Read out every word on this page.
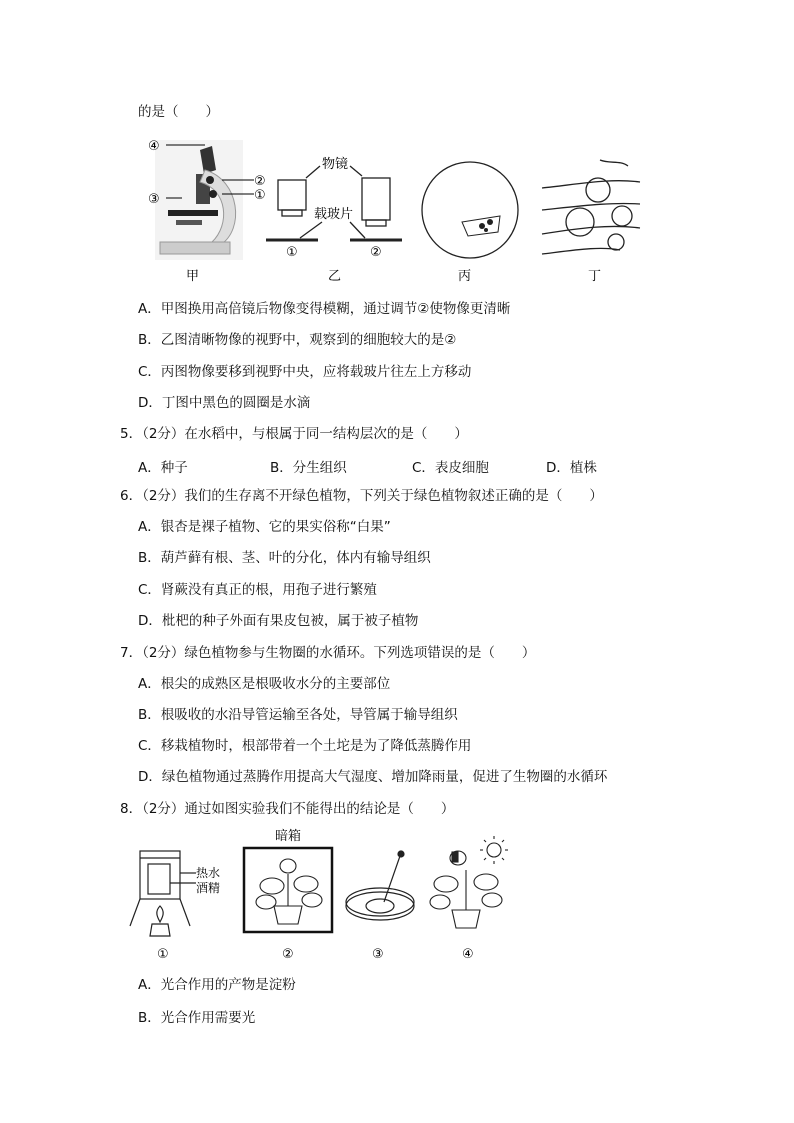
的是（　　）
④
③
②
①
物镜
载玻片
①	②
甲	乙	丙	丁
A．甲图换用高倍镜后物像变得模糊，通过调节②使物像更清晰
B．乙图清晰物像的视野中，观察到的细胞较大的是②
C．丙图物像要移到视野中央，应将载玻片往左上方移动
D．丁图中黑色的圆圈是水滴
5．（2分）在水稻中，与根属于同一结构层次的是（　　）
A．种子	B．分生组织	C．表皮细胞	D．植株
6．（2分）我们的生存离不开绿色植物，下列关于绿色植物叙述正确的是（　　）
A．银杏是裸子植物、它的果实俗称“白果”
B．葫芦藓有根、茎、叶的分化，体内有输导组织
C．肾蕨没有真正的根，用孢子进行繁殖
D．枇杷的种子外面有果皮包被，属于被子植物
7．（2分）绿色植物参与生物圈的水循环。下列选项错误的是（　　）
A．根尖的成熟区是根吸收水分的主要部位
B．根吸收的水沿导管运输至各处，导管属于输导组织
C．移栽植物时，根部带着一个土坨是为了降低蒸腾作用
D．绿色植物通过蒸腾作用提高大气湿度、增加降雨量，促进了生物圈的水循环
8．（2分）通过如图实验我们不能得出的结论是（　　）
热水
酒精
暗箱
①	②	③	④
A．光合作用的产物是淀粉
B．光合作用需要光
